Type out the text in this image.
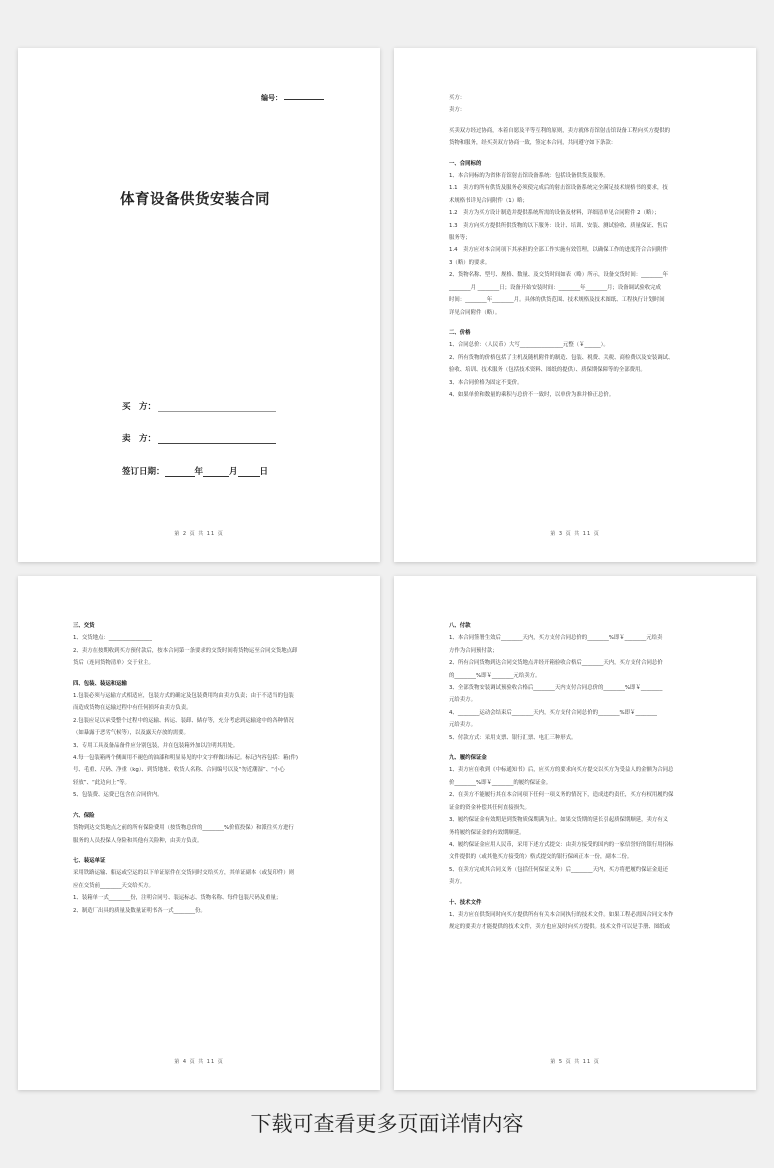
编号：
体育设备供货安装合同
买　方：
卖　方：
签订日期：	年	月	日
第 2 页 共 11 页

买方：

卖方：

买卖双方经过协商，本着自愿及平等互利的原则，卖方就体育馆射击馆设备工程向买方提供的

货物和服务，经买卖双方协商一致，签定本合同，共同遵守如下条款：

一、合同标的

1、本合同标的为省体育馆射击馆设备系统：包括设备供货及服务。

1.1　卖方的所有供货及服务必须使完成后的射击馆设备系统完全满足技术规格书的要求，技

术规格书详见合同附件（1）略；

1.2　卖方为买方设计制造并提供系统所需的设备及材料，详细清单见合同附件 2（略）；

1.3　卖方向买方提供所供货物的以下服务：设计、培训、安装、测试验收、质量保证、售后

服务等；

1.4　卖方应对本合同项下其承担的全部工作实施有效管理，以确保工作的进度符合合同附件

3（略）的要求。

2、货物名称、型号、规格、数量、及交货时间如表（略）所示，设备交货时间：________年

________月 ________日；设备开始安装时间：________年________月；设备调试验收完成

时间：________年________月。具体的供货范围、技术规格及技术图纸、工程执行计划时间

详见合同附件（略）。

二、价格

1、合同总价：（人民币）大写________________元整（￥______）。

2、所有货物的价格包括了主机及随机附件的制造、包装、税费、关税、商检费以及安装调试、

验收、培训、技术服务（包括技术资料、图纸的提供）、质保期保障等的全部费用。

3、本合同价格为固定不变价。

4、如果单价和数量的乘积与总价不一致时，以单价为准并修正总价。

第 3 页 共 11 页

三、交货

1、交货地点：________________

2、卖方在按期收到买方预付款后，按本合同第一条要求的交货时间将货物运至合同交货地点卸

货后（连同货物清单）交于业主。

四、包装、装运和运输

1.包装必须与运输方式相适应，包装方式的确定及包装费用均由卖方负责；由于不适当的包装

而造成货物在运输过程中有任何损坏由卖方负责。

2.包装应足以承受整个过程中的运输、转运、装卸、储存等，充分考虑到运输途中的各种情况

（如暴露于恶劣气候等），以及露天存放的需要。

3、专用工具及备品备件应分别包装，并在包装箱外加以注明其用处。

4.每一包装箱两个侧面用不褪色的油漆和明显易见的中文字样做出标记。标记内容包括：箱(件)

号、毛重、尺码、净重（kg）、到货地址、收货人名称、合同编号以及“勿近潮湿”、“小心

轻放”、“此边向上”等。

5、包装费、运费已包含在合同价内。

六、保险

货物到达交货地点之前的所有保险费用（按货物总价的________%价值投保）和派往买方进行

服务的人员投保人身险和其他有关险种，由卖方负责。

七、装运单证

采用铁路运输、船运或空运的以下单证原件在交货同时交给买方，其单证副本（或复印件）则

应在交货前________天交给买方。

1、装箱单一式________份，注明合同号、装运标志、货物名称、每件包装尺码及重量；

2、制造厂出具的质量及数量证明书各一式________份。

第 4 页 共 11 页

八、付款

1、本合同签署生效后________天内，买方支付合同总价的________%即￥________元给卖

方作为合同预付款；

2、所有合同货物到达合同交货地点并经开箱验收合格后________天内，买方支付合同总价

的________%即￥________元给卖方。

3、全部货物安装调试预验收合格后________天内支付合同总价的________%即￥________

元给卖方。

4、________运动会结束后________天内，买方支付合同总价的________%即￥________

元给卖方。

5、付款方式：采用支票、银行汇票、电汇三种形式。

九、履约保证金

1、卖方应在收到《中标通知书》后，应买方的要求向买方提交以买方为受益人的金额为合同总

价________%即￥________的履约保证金。

2、在卖方不能履行其在本合同项下任何一项义务的情况下，造成违约责任，买方有权用履约保

证金的资金补偿其任何直接损失。

3、履约保证金有效期是到货物质保期满为止。如果交货期的延长引起质保期顺延，卖方有义

务将履约保证金的有效期顺延。

4、履约保证金应用人民币，采用下述方式提交：由卖方接受的国内的一家信誉好的银行用招标

文件提供的（或其他买方接受的）格式提交的银行保函正本一份，副本二份。

5、在卖方完成其合同义务（包括任何保证义务）后________天内，买方将把履约保证金退还

卖方。

十、技术文件

1、卖方应在供货同时向买方提供所有有关本合同执行的技术文件。如果工程必需因合同文本作

规定的要卖方才能提供的技术文件，卖方也应及时向买方提供。技术文件可以是手册、图纸或

第 5 页 共 11 页
下载可查看更多页面详情内容
